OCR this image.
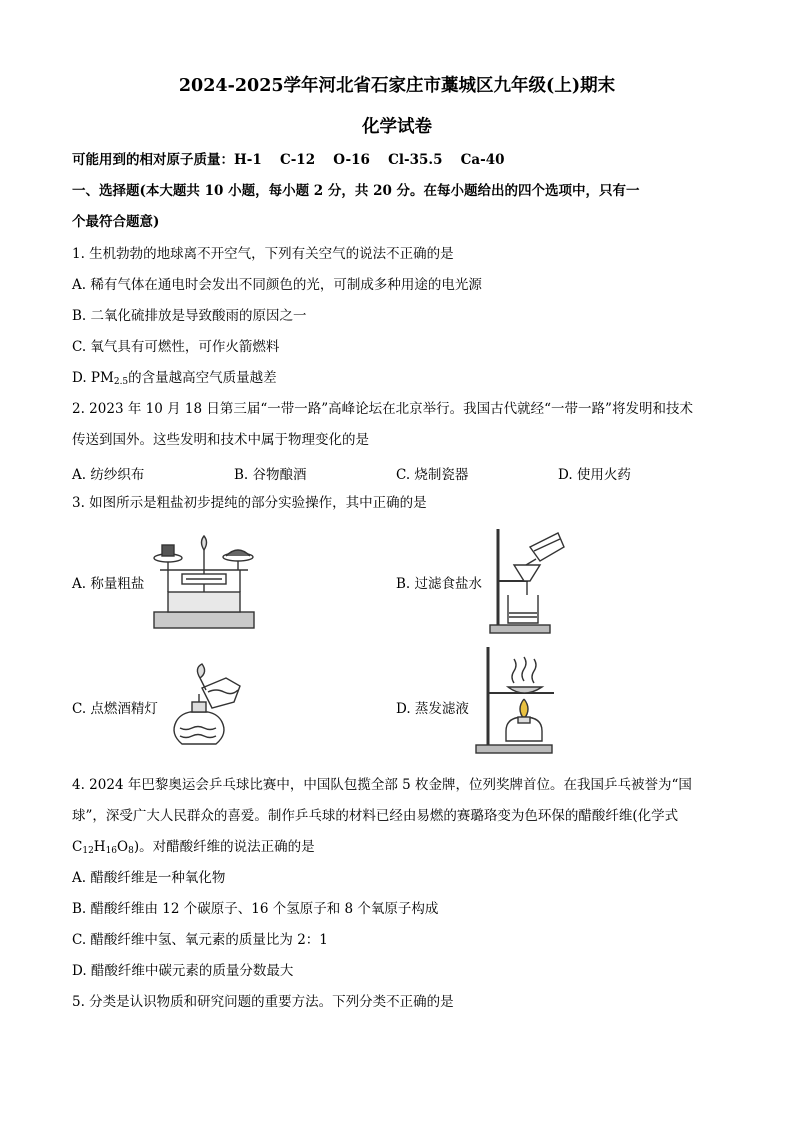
2024-2025学年河北省石家庄市藁城区九年级(上)期末
化学试卷
可能用到的相对原子质量：H-1　 C-12　 O-16　 Cl-35.5　 Ca-40
一、选择题(本大题共 10 小题，每小题 2 分，共 20 分。在每小题给出的四个选项中，只有一
个最符合题意)
1. 生机勃勃的地球离不开空气，下列有关空气的说法不正确的是
A. 稀有气体在通电时会发出不同颜色的光，可制成多种用途的电光源
B. 二氧化硫排放是导致酸雨的原因之一
C. 氧气具有可燃性，可作火箭燃料
D. $PM_{2.5}$的含量越高空气质量越差
2. 2023 年 10 月 18 日第三届“一带一路”高峰论坛在北京举行。我国古代就经“一带一路”将发明和技术
传送到国外。这些发明和技术中属于物理变化的是
A. 纺纱织布	B. 谷物酿酒	C. 烧制瓷器	D. 使用火药
3. 如图所示是粗盐初步提纯的部分实验操作，其中正确的是
A. 称量粗盐	B. 过滤食盐水
C. 点燃酒精灯	D. 蒸发滤液
4. 2024 年巴黎奥运会乒乓球比赛中，中国队包揽全部 5 枚金牌，位列奖牌首位。在我国乒乓被誉为“国
球”，深受广大人民群众的喜爱。制作乒乓球的材料已经由易燃的赛璐珞变为色环保的醋酸纤维(化学式
$C_{12}H_{16}O_8$)。对醋酸纤维的说法正确的是
A. 醋酸纤维是一种氧化物
B. 醋酸纤维由 12 个碳原子、16 个氢原子和 8 个氧原子构成
C. 醋酸纤维中氢、氧元素的质量比为 2：1
D. 醋酸纤维中碳元素的质量分数最大
5. 分类是认识物质和研究问题的重要方法。下列分类不正确的是
